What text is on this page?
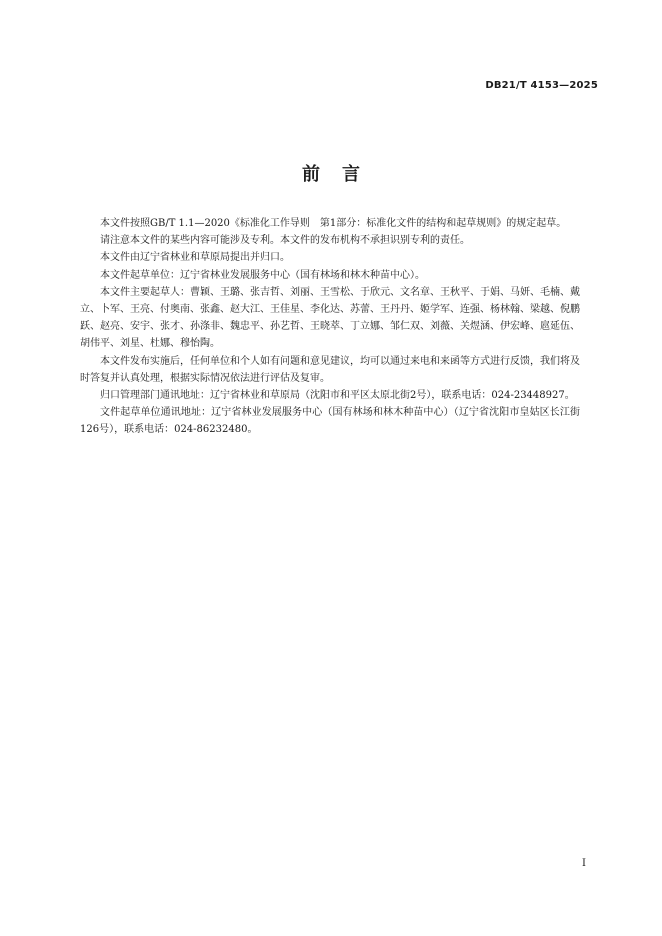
DB21/T 4153—2025
前言

本文件按照GB/T 1.1—2020《标准化工作导则　第1部分：标准化文件的结构和起草规则》的规定起草。

请注意本文件的某些内容可能涉及专利。本文件的发布机构不承担识别专利的责任。

本文件由辽宁省林业和草原局提出并归口。

本文件起草单位：辽宁省林业发展服务中心（国有林场和林木种苗中心）。

本文件主要起草人：曹颖、王璐、张吉哲、刘丽、王雪松、于欣元、文名章、王秋平、于娟、马妍、毛楠、戴立、卜军、王亮、付奥南、张鑫、赵大江、王佳星、李化达、苏蕾、王丹丹、姬学军、连强、杨林翰、梁越、倪鹏跃、赵亮、安宇、张才、孙涤非、魏忠平、孙艺哲、王晓萃、丁立娜、邹仁双、刘薇、关煜涵、伊宏峰、扈延伍、胡伟平、刘星、杜娜、穆怡陶。

本文件发布实施后，任何单位和个人如有问题和意见建议，均可以通过来电和来函等方式进行反馈，我们将及时答复并认真处理，根据实际情况依法进行评估及复审。

归口管理部门通讯地址：辽宁省林业和草原局（沈阳市和平区太原北街2号），联系电话：024-23448927。

文件起草单位通讯地址：辽宁省林业发展服务中心（国有林场和林木种苗中心）（辽宁省沈阳市皇姑区长江街126号），联系电话：024-86232480。

I
